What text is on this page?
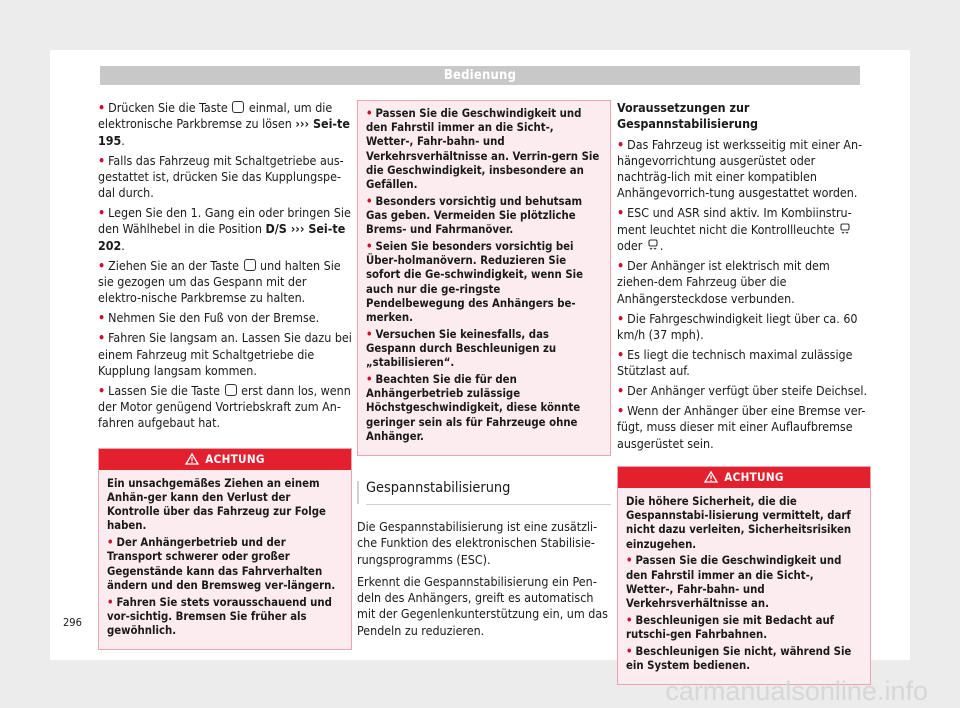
Bedienung

• Drücken Sie die Taste  einmal, um die elektronische Parkbremse zu lösen ››› Sei-te 195.

• Falls das Fahrzeug mit Schaltgetriebe aus-gestattet ist, drücken Sie das Kupplungspe-dal durch.

• Legen Sie den 1. Gang ein oder bringen Sie den Wählhebel in die Position D/S ››› Sei-te 202.

• Ziehen Sie an der Taste  und halten Sie sie gezogen um das Gespann mit der elektro-nische Parkbremse zu halten.

• Nehmen Sie den Fuß von der Bremse.

• Fahren Sie langsam an. Lassen Sie dazu bei einem Fahrzeug mit Schaltgetriebe die Kupplung langsam kommen.

• Lassen Sie die Taste  erst dann los, wenn der Motor genügend Vortriebskraft zum An-fahren aufgebaut hat.

ACHTUNG

Ein unsachgemäßes Ziehen an einem Anhän-ger kann den Verlust der Kontrolle über das Fahrzeug zur Folge haben.

• Der Anhängerbetrieb und der Transport schwerer oder großer Gegenstände kann das Fahrverhalten ändern und den Bremsweg ver-längern.

• Fahren Sie stets vorausschauend und vor-sichtig. Bremsen Sie früher als gewöhnlich.

• Passen Sie die Geschwindigkeit und den Fahrstil immer an die Sicht-, Wetter-, Fahr-bahn- und Verkehrsverhältnisse an. Verrin-gern Sie die Geschwindigkeit, insbesondere an Gefällen.

• Besonders vorsichtig und behutsam Gas geben. Vermeiden Sie plötzliche Brems- und Fahrmanöver.

• Seien Sie besonders vorsichtig bei Über-holmanövern. Reduzieren Sie sofort die Ge-schwindigkeit, wenn Sie auch nur die ge-ringste Pendelbewegung des Anhängers be-merken.

• Versuchen Sie keinesfalls, das Gespann durch Beschleunigen zu „stabilisieren“.

• Beachten Sie die für den Anhängerbetrieb zulässige Höchstgeschwindigkeit, diese könnte geringer sein als für Fahrzeuge ohne Anhänger.

Gespannstabilisierung

Die Gespannstabilisierung ist eine zusätzli-che Funktion des elektronischen Stabilisie-rungsprogramms (ESC).

Erkennt die Gespannstabilisierung ein Pen-deln des Anhängers, greift es automatisch mit der Gegenlenkunterstützung ein, um das Pendeln zu reduzieren.

Voraussetzungen zur Gespannstabilisierung

• Das Fahrzeug ist werksseitig mit einer An-hängevorrichtung ausgerüstet oder nachträg-lich mit einer kompatiblen Anhängevorrich-tung ausgestattet worden.

• ESC und ASR sind aktiv. Im Kombiinstru-ment leuchtet nicht die Kontrollleuchte  oder .

• Der Anhänger ist elektrisch mit dem ziehen-dem Fahrzeug über die Anhängersteckdose verbunden.

• Die Fahrgeschwindigkeit liegt über ca. 60 km/h (37 mph).

• Es liegt die technisch maximal zulässige Stützlast auf.

• Der Anhänger verfügt über steife Deichsel.

• Wenn der Anhänger über eine Bremse ver-fügt, muss dieser mit einer Auflaufbremse ausgerüstet sein.

ACHTUNG

Die höhere Sicherheit, die die Gespannstabi-lisierung vermittelt, darf nicht dazu verleiten, Sicherheitsrisiken einzugehen.

• Passen Sie die Geschwindigkeit und den Fahrstil immer an die Sicht-, Wetter-, Fahr-bahn- und Verkehrsverhältnisse an.

• Beschleunigen sie mit Bedacht auf rutschi-gen Fahrbahnen.

• Beschleunigen Sie nicht, während Sie ein System bedienen.

296
carmanualsonline.info
